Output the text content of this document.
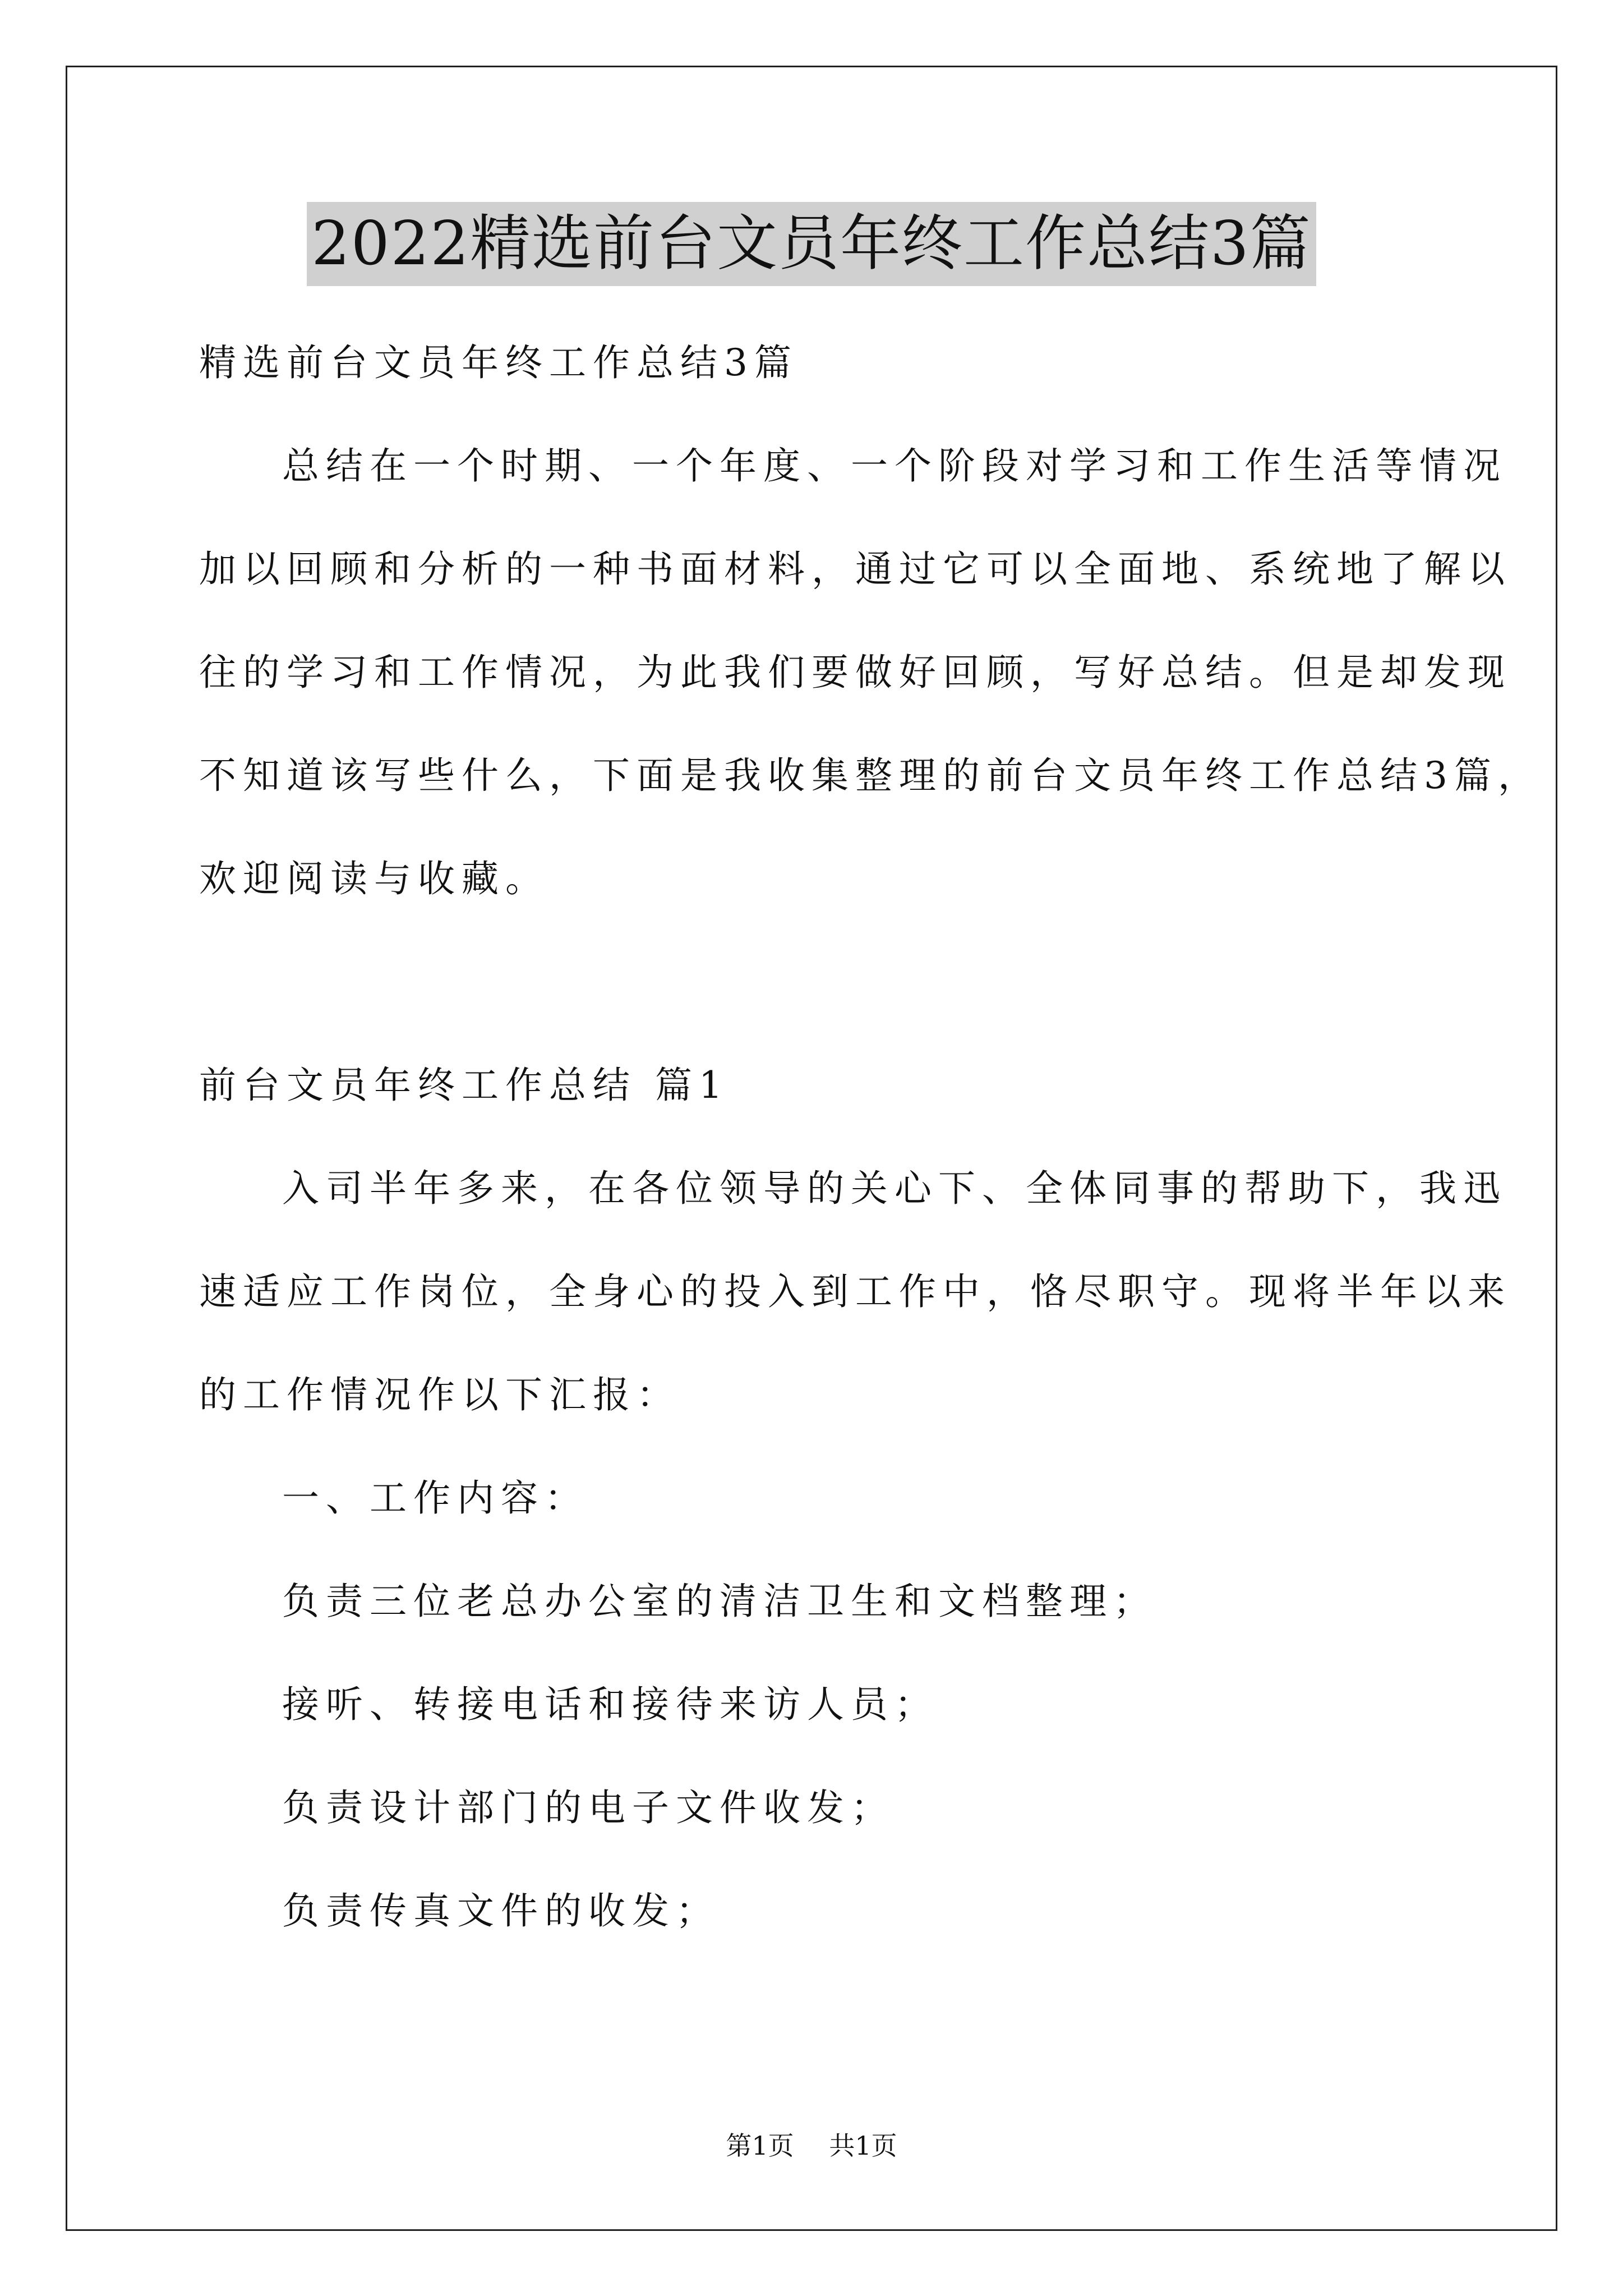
2022精选前台文员年终工作总结3篇
精选前台文员年终工作总结3篇
总结在一个时期、一个年度、一个阶段对学习和工作生活等情况
加以回顾和分析的一种书面材料，通过它可以全面地、系统地了解以
往的学习和工作情况，为此我们要做好回顾，写好总结。但是却发现
不知道该写些什么，下面是我收集整理的前台文员年终工作总结3篇，
欢迎阅读与收藏。
前台文员年终工作总结 篇1
入司半年多来，在各位领导的关心下、全体同事的帮助下，我迅
速适应工作岗位，全身心的投入到工作中，恪尽职守。现将半年以来
的工作情况作以下汇报：
一、工作内容：
负责三位老总办公室的清洁卫生和文档整理；
接听、转接电话和接待来访人员；
负责设计部门的电子文件收发；
负责传真文件的收发；
第1页 共1页
